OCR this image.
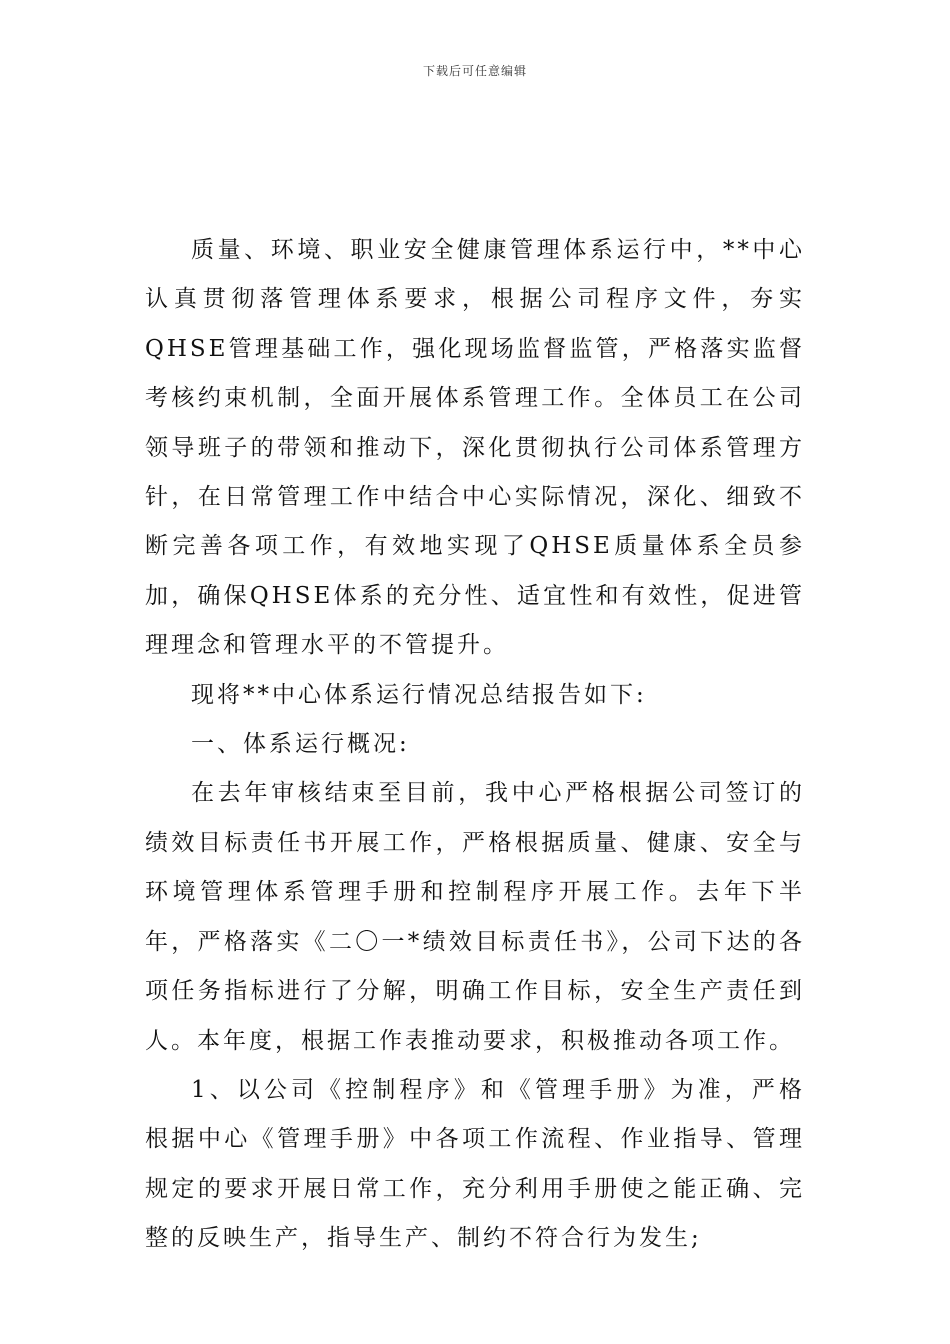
下载后可任意编辑

质量、环境、职业安全健康管理体系运行中，**中心认真贯彻落管理体系要求，根据公司程序文件，夯实QHSE管理基础工作，强化现场监督监管，严格落实监督考核约束机制，全面开展体系管理工作。全体员工在公司领导班子的带领和推动下，深化贯彻执行公司体系管理方针，在日常管理工作中结合中心实际情况，深化、细致不断完善各项工作，有效地实现了QHSE质量体系全员参加，确保QHSE体系的充分性、适宜性和有效性，促进管理理念和管理水平的不管提升。

现将**中心体系运行情况总结报告如下:

一、体系运行概况:

在去年审核结束至目前，我中心严格根据公司签订的绩效目标责任书开展工作，严格根据质量、健康、安全与环境管理体系管理手册和控制程序开展工作。去年下半年，严格落实《二〇一*绩效目标责任书》，公司下达的各项任务指标进行了分解，明确工作目标，安全生产责任到人。本年度，根据工作表推动要求，积极推动各项工作。

1、以公司《控制程序》和《管理手册》为准，严格根据中心《管理手册》中各项工作流程、作业指导、管理规定的要求开展日常工作，充分利用手册使之能正确、完整的反映生产，指导生产、制约不符合行为发生;
